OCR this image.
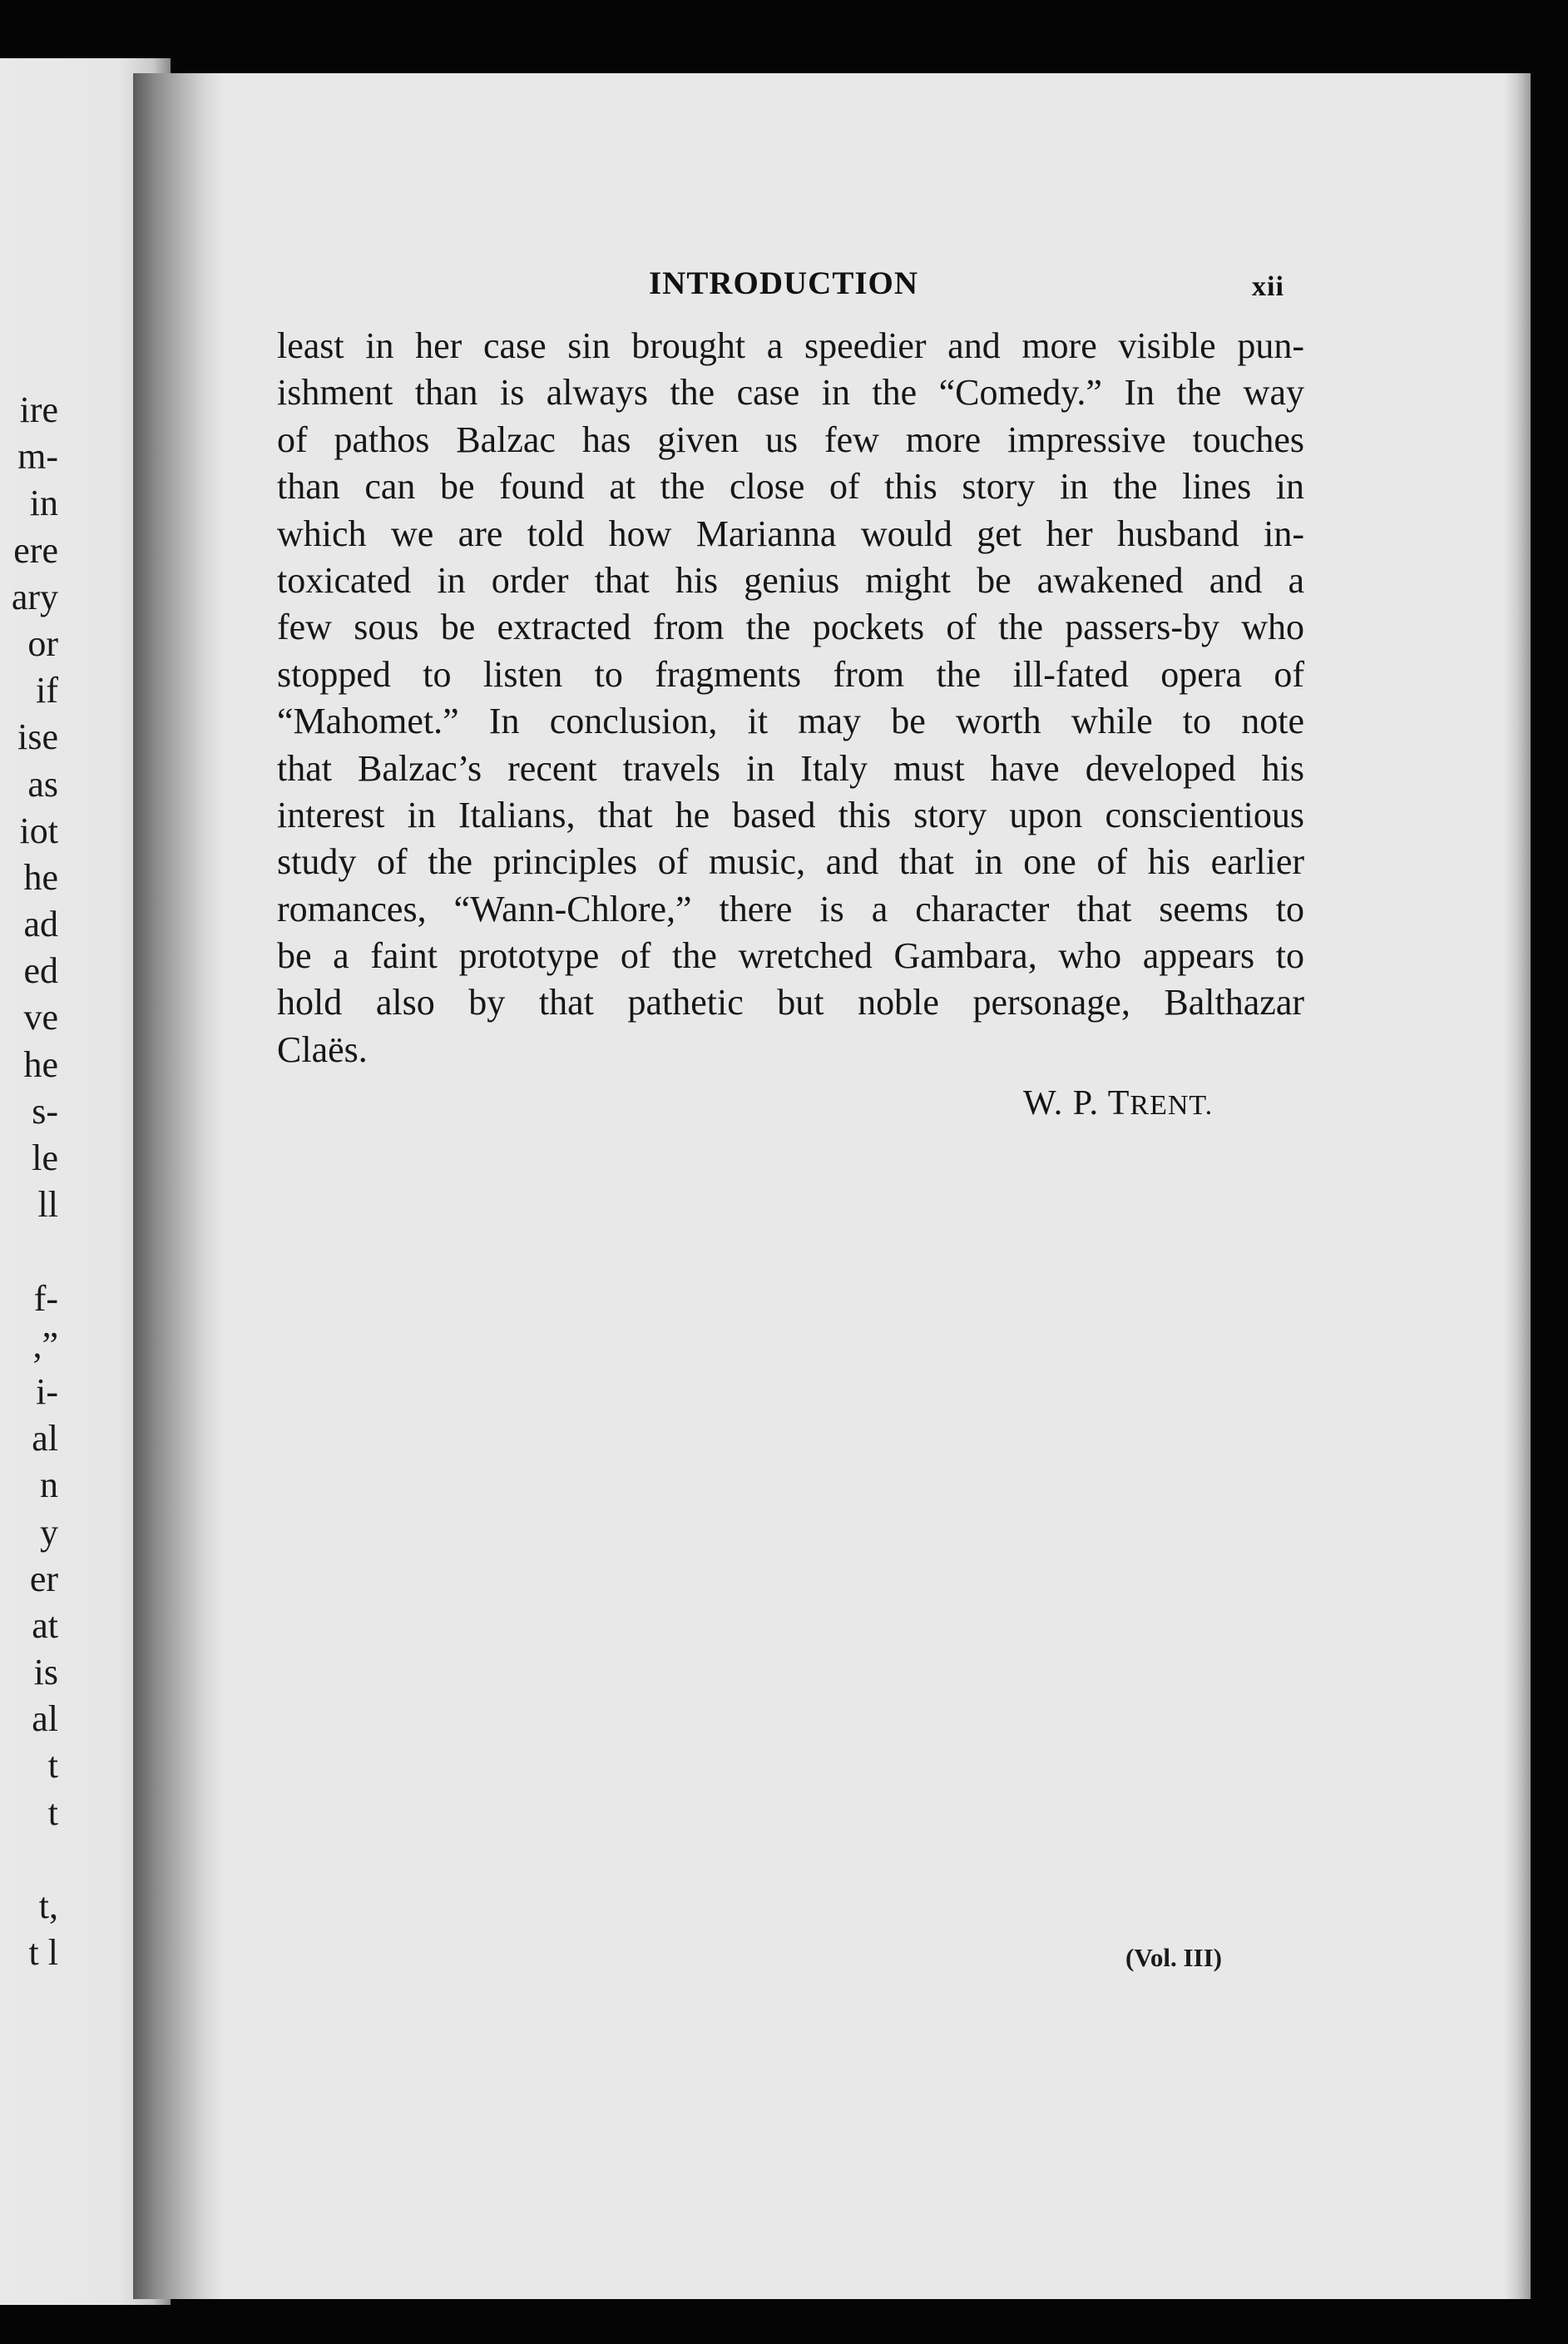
ire
m-
in
ere
ary
or
if
ise
as
iot
he
ad
ed
ve
he
s-
le
ll
f-
,”
i-
al
n
y
er
at
is
al
t
t
t,
t l
INTRODUCTION	xii
least in her case sin brought a speedier and more visible pun-
ishment than is always the case in the “Comedy.” In the way
of pathos Balzac has given us few more impressive touches
than can be found at the close of this story in the lines in
which we are told how Marianna would get her husband in-
toxicated in order that his genius might be awakened and a
few sous be extracted from the pockets of the passers-by who
stopped to listen to fragments from the ill-fated opera of
“Mahomet.” In conclusion, it may be worth while to note
that Balzac’s recent travels in Italy must have developed his
interest in Italians, that he based this story upon conscientious
study of the principles of music, and that in one of his earlier
romances, “Wann-Chlore,” there is a character that seems to
be a faint prototype of the wretched Gambara, who appears to
hold also by that pathetic but noble personage, Balthazar
Claës.
W. P. TRENT.
(Vol. III)
